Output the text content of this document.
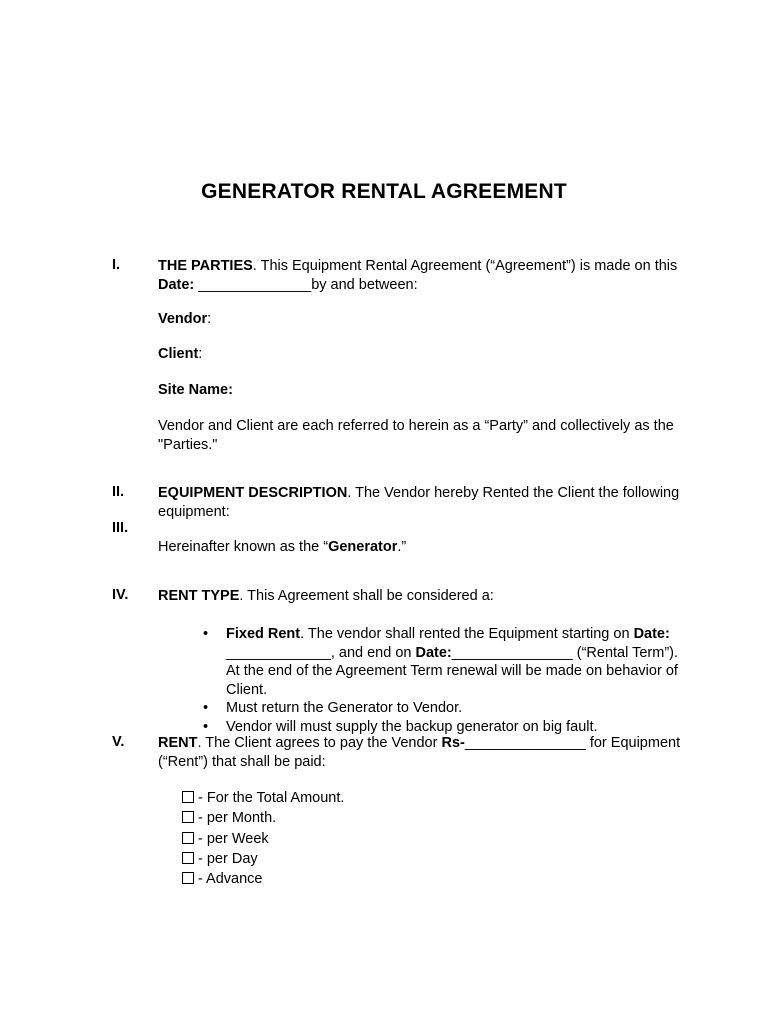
GENERATOR RENTAL AGREEMENT
I.	THE PARTIES. This Equipment Rental Agreement (“Agreement”) is made on this Date: ______________by and between:
Vendor:
Client:
Site Name:
Vendor and Client are each referred to herein as a “Party” and collectively as the "Parties."
II. EQUIPMENT DESCRIPTION. The Vendor hereby Rented the Client the following equipment:
III.
Hereinafter known as the “Generator.”
IV. RENT TYPE. This Agreement shall be considered a:
• Fixed Rent. The vendor shall rented the Equipment starting on Date: _____________, and end on Date:_______________ (“Rental Term”). At the end of the Agreement Term renewal will be made on behavior of Client.
• Must return the Generator to Vendor.
• Vendor will must supply the backup generator on big fault.
V. RENT. The Client agrees to pay the Vendor Rs-_______________ for Equipment (“Rent”) that shall be paid:
- For the Total Amount.
- per Month.
- per Week
- per Day
- Advance
